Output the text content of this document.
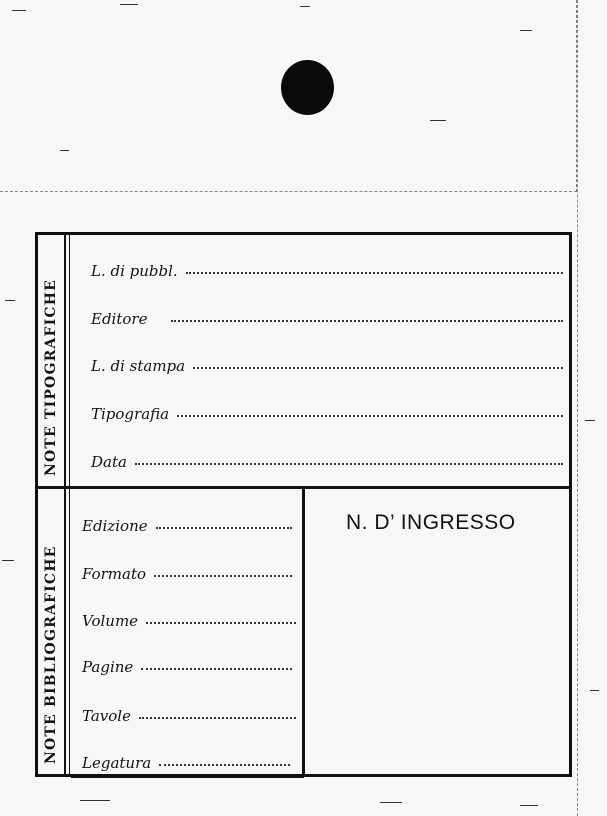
NOTE TIPOGRAFICHE
NOTE BIBLIOGRAFICHE
L. di pubbl.
Editore
L. di stampa
Tipografia
Data
Edizione
Formato
Volume
Pagine
Tavole
Legatura
N. D’ INGRESSO
